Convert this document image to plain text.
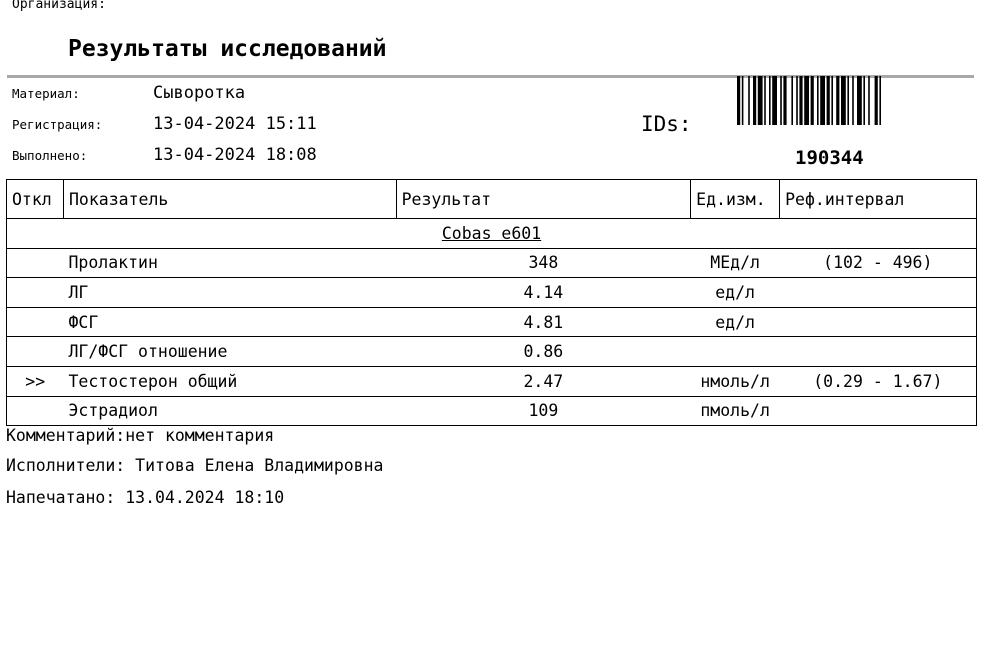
Организация:
Результаты исследований
Материал:	Сыворотка
Регистрация:	13-04-2024 15:11
Выполнено:	13-04-2024 18:08
IDs:
190344
Откл	Показатель	Результат	Ед.изм.	Реф.интервал
Cobas e601				
	Пролактин	348	МЕд/л	(102 - 496)
	ЛГ	4.14	ед/л	
	ФСГ	4.81	ед/л	
	ЛГ/ФСГ отношение	0.86		
>>	Тестостерон общий	2.47	нмоль/л	(0.29 - 1.67)
	Эстрадиол	109	пмоль/л	
Комментарий:нет комментария
Исполнители: Титова Елена Владимировна
Напечатано: 13.04.2024 18:10
